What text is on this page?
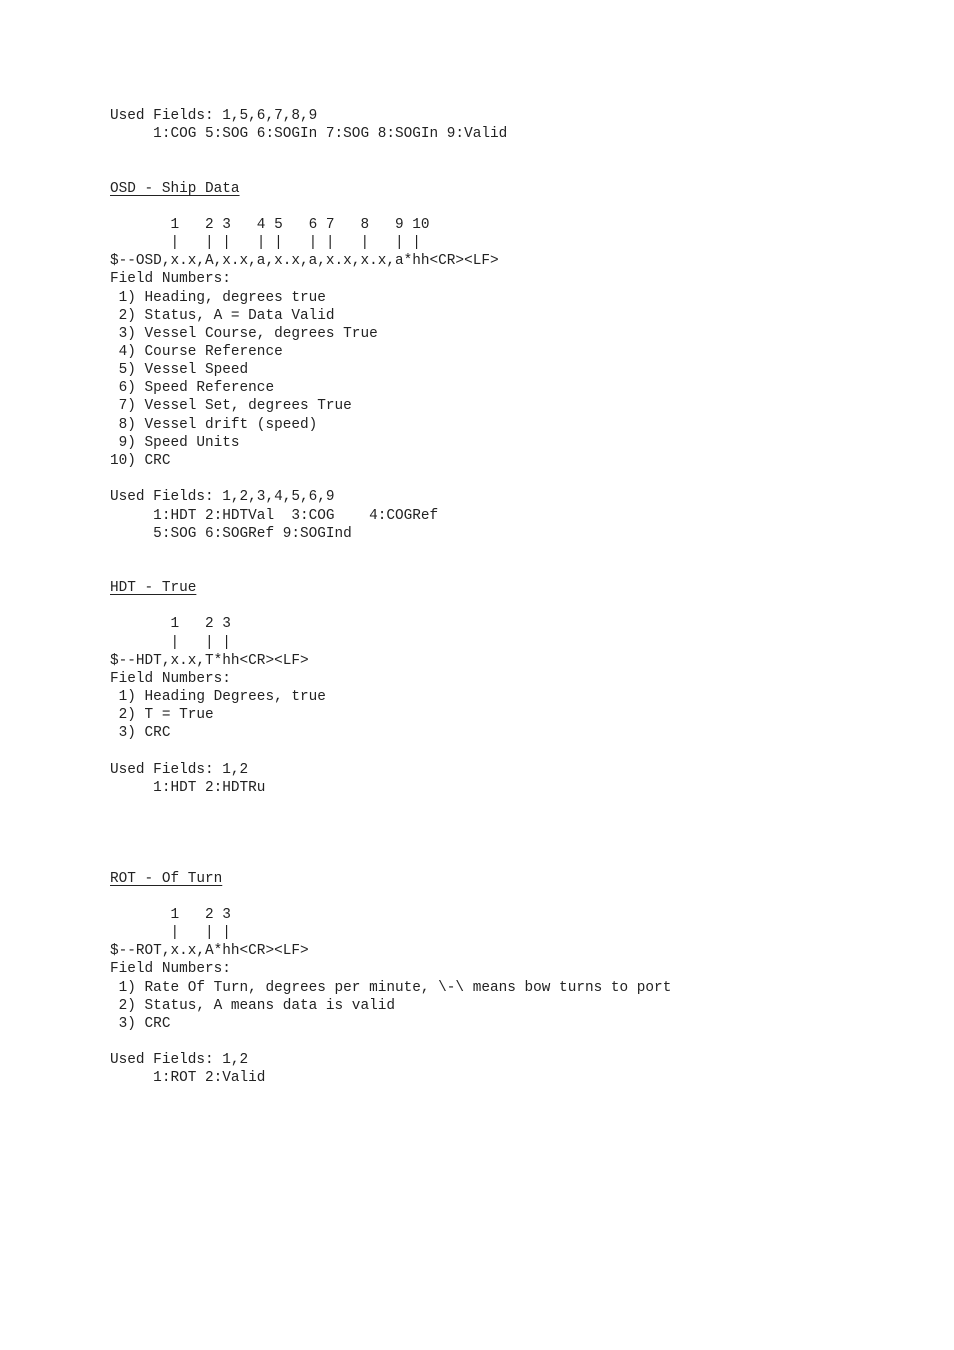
Used Fields: 1,5,6,7,8,9

1:COG 5:SOG 6:SOGIn 7:SOG 8:SOGIn 9:Valid

OSD - Ship Data

1   2 3   4 5   6 7   8   9 10

|   | |   | |   | |   |   | |

$--OSD,x.x,A,x.x,a,x.x,a,x.x,x.x,a*hh<CR><LF>

Field Numbers:

1) Heading, degrees true

2) Status, A = Data Valid

3) Vessel Course, degrees True

4) Course Reference

5) Vessel Speed

6) Speed Reference

7) Vessel Set, degrees True

8) Vessel drift (speed)

9) Speed Units

10) CRC

Used Fields: 1,2,3,4,5,6,9

1:HDT 2:HDTVal  3:COG    4:COGRef

5:SOG 6:SOGRef 9:SOGInd

HDT - True

1   2 3

|   | |

$--HDT,x.x,T*hh<CR><LF>

Field Numbers:

1) Heading Degrees, true

2) T = True

3) CRC

Used Fields: 1,2

1:HDT 2:HDTRu

ROT - Of Turn

1   2 3

|   | |

$--ROT,x.x,A*hh<CR><LF>

Field Numbers:

1) Rate Of Turn, degrees per minute, \-\ means bow turns to port

2) Status, A means data is valid

3) CRC

Used Fields: 1,2

1:ROT 2:Valid
